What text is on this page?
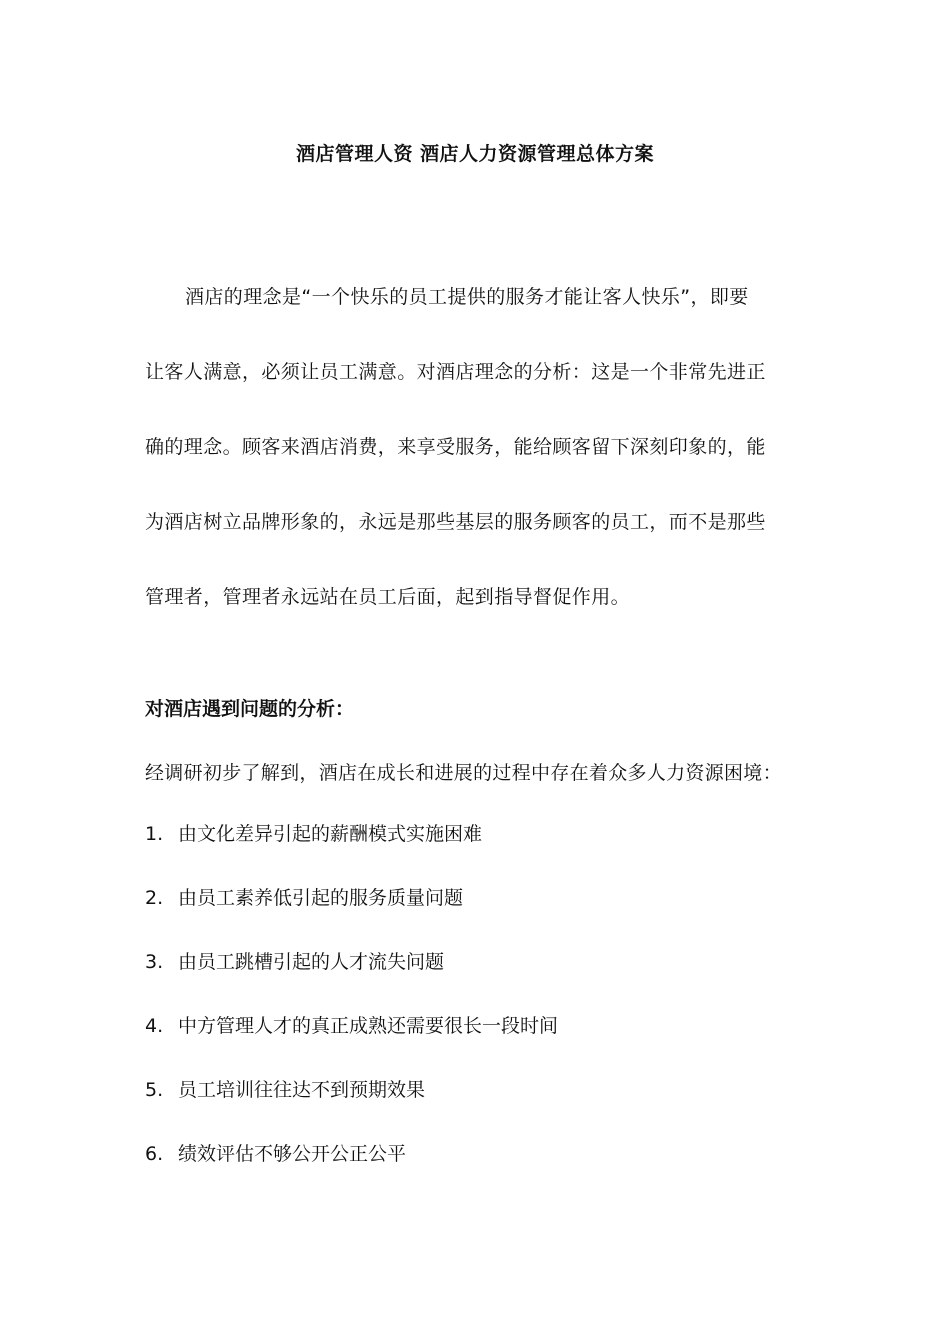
酒店管理人资 酒店人力资源管理总体方案
酒店的理念是“一个快乐的员工提供的服务才能让客人快乐”，即要
让客人满意，必须让员工满意。对酒店理念的分析：这是一个非常先进正
确的理念。顾客来酒店消费，来享受服务，能给顾客留下深刻印象的，能
为酒店树立品牌形象的，永远是那些基层的服务顾客的员工，而不是那些
管理者，管理者永远站在员工后面，起到指导督促作用。
对酒店遇到问题的分析：
经调研初步了解到，酒店在成长和进展的过程中存在着众多人力资源困境：
1. 由文化差异引起的薪酬模式实施困难
2. 由员工素养低引起的服务质量问题
3. 由员工跳槽引起的人才流失问题
4. 中方管理人才的真正成熟还需要很长一段时间
5. 员工培训往往达不到预期效果
6. 绩效评估不够公开公正公平
